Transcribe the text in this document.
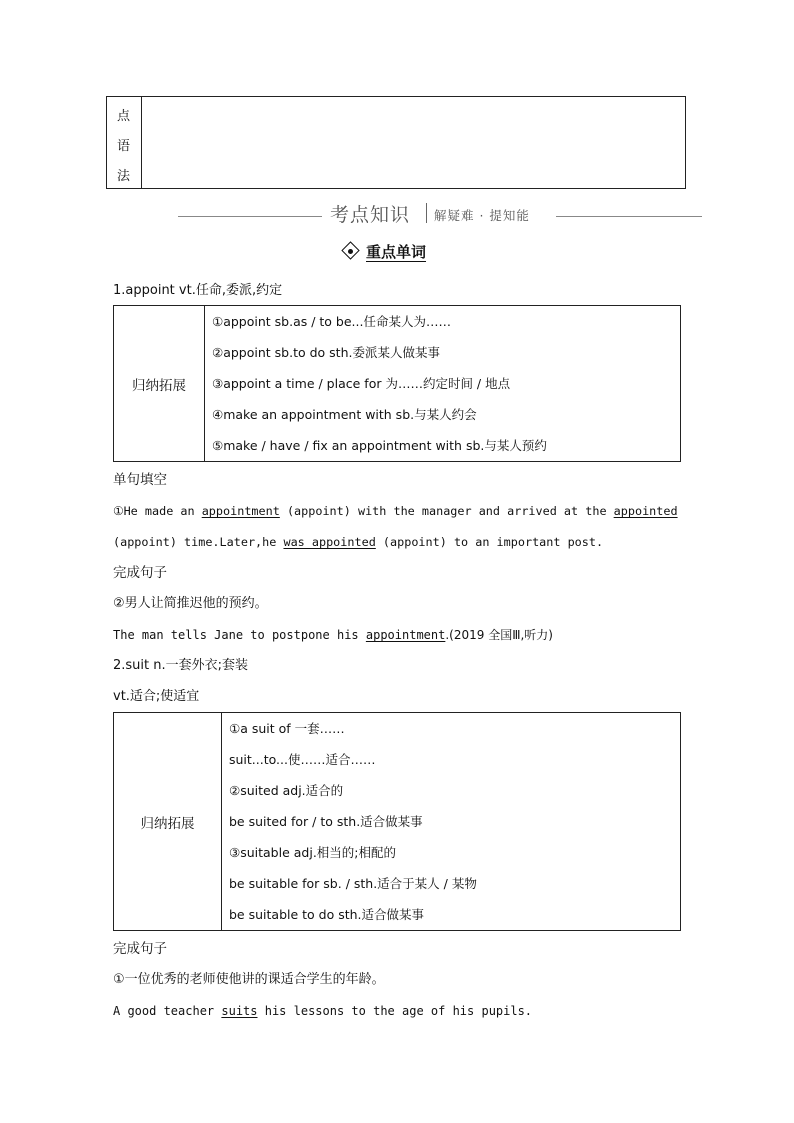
点
语
法
考点知识 解疑难 · 提知能
重点单词
1.appoint vt.任命,委派,约定
归纳拓展
①appoint sb.as / to be...任命某人为……
②appoint sb.to do sth.委派某人做某事
③appoint a time / place for 为……约定时间 / 地点
④make an appointment with sb.与某人约会
⑤make / have / fix an appointment with sb.与某人预约
单句填空
①He made an appointment (appoint) with the manager and arrived at the appointed
(appoint) time.Later,he was appointed (appoint) to an important post.
完成句子
②男人让简推迟他的预约。
The man tells Jane to postpone his appointment.(2019 全国Ⅲ,听力)
2.suit n.一套外衣;套装
vt.适合;使适宜
归纳拓展
①a suit of 一套……
suit...to...使……适合……
②suited adj.适合的
be suited for / to sth.适合做某事
③suitable adj.相当的;相配的
be suitable for sb. / sth.适合于某人 / 某物
be suitable to do sth.适合做某事
完成句子
①一位优秀的老师使他讲的课适合学生的年龄。
A good teacher suits his lessons to the age of his pupils.
